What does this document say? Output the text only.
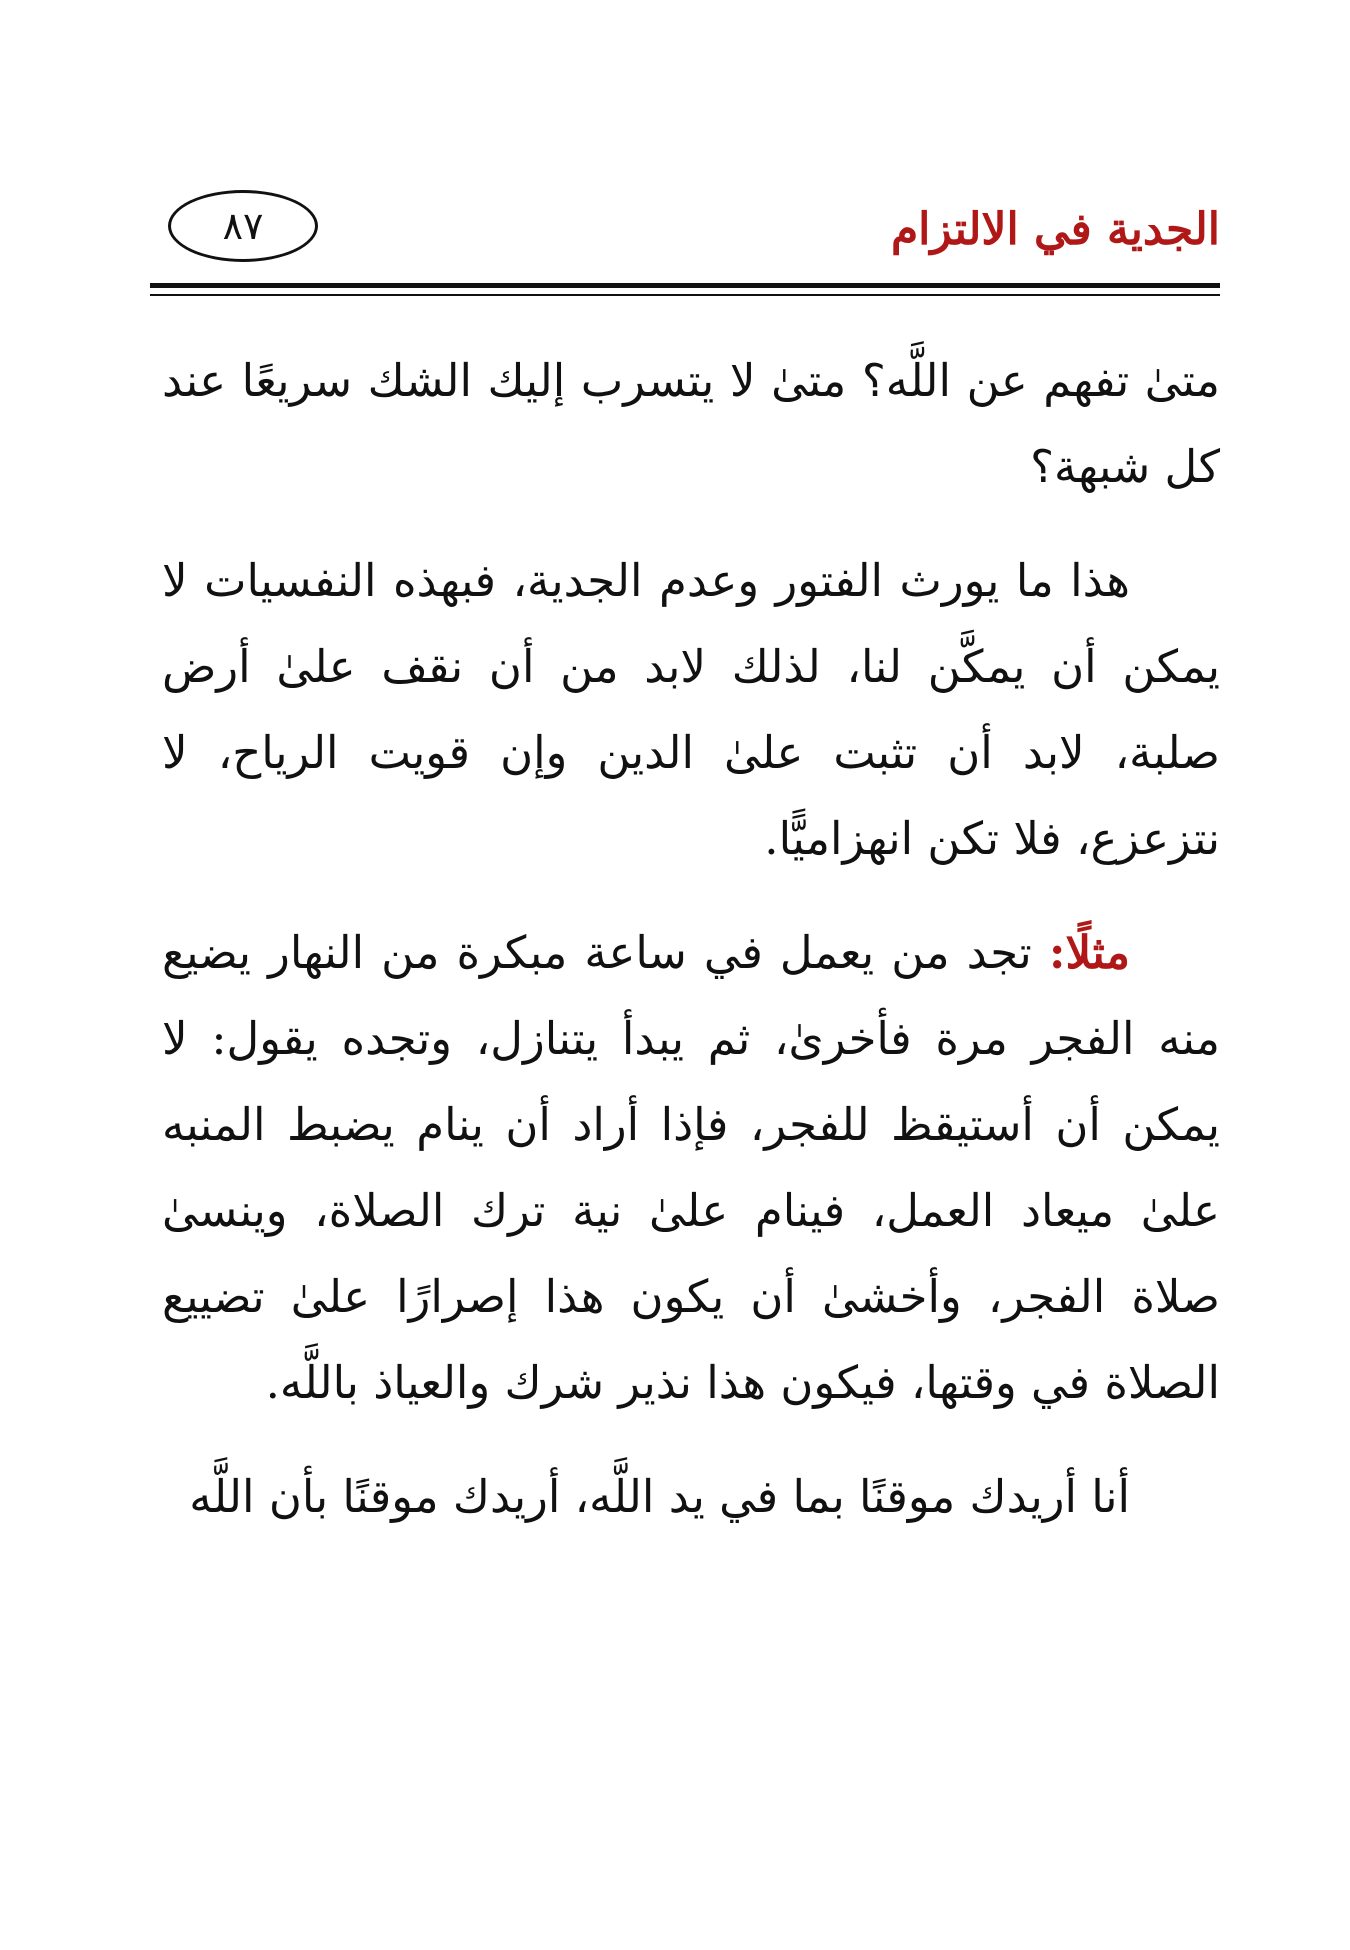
الجدية في الالتزام
٨٧

متىٰ تفهم عن اللَّه؟ متىٰ لا يتسرب إليك الشك سريعًا عند كل شبهة؟

هذا ما يورث الفتور وعدم الجدية، فبهذه النفسيات لا يمكن أن يمكَّن لنا، لذلك لابد من أن نقف علىٰ أرض صلبة، لابد أن تثبت علىٰ الدين وإن قويت الرياح، لا نتزعزع، فلا تكن انهزاميًّا.

مثلًا: تجد من يعمل في ساعة مبكرة من النهار يضيع منه الفجر مرة فأخرىٰ، ثم يبدأ يتنازل، وتجده يقول: لا يمكن أن أستيقظ للفجر، فإذا أراد أن ينام يضبط المنبه علىٰ ميعاد العمل، فينام علىٰ نية ترك الصلاة، وينسىٰ صلاة الفجر، وأخشىٰ أن يكون هذا إصرارًا علىٰ تضييع الصلاة في وقتها، فيكون هذا نذير شرك والعياذ باللَّه.

أنا أريدك موقنًا بما في يد اللَّه، أريدك موقنًا بأن اللَّه
